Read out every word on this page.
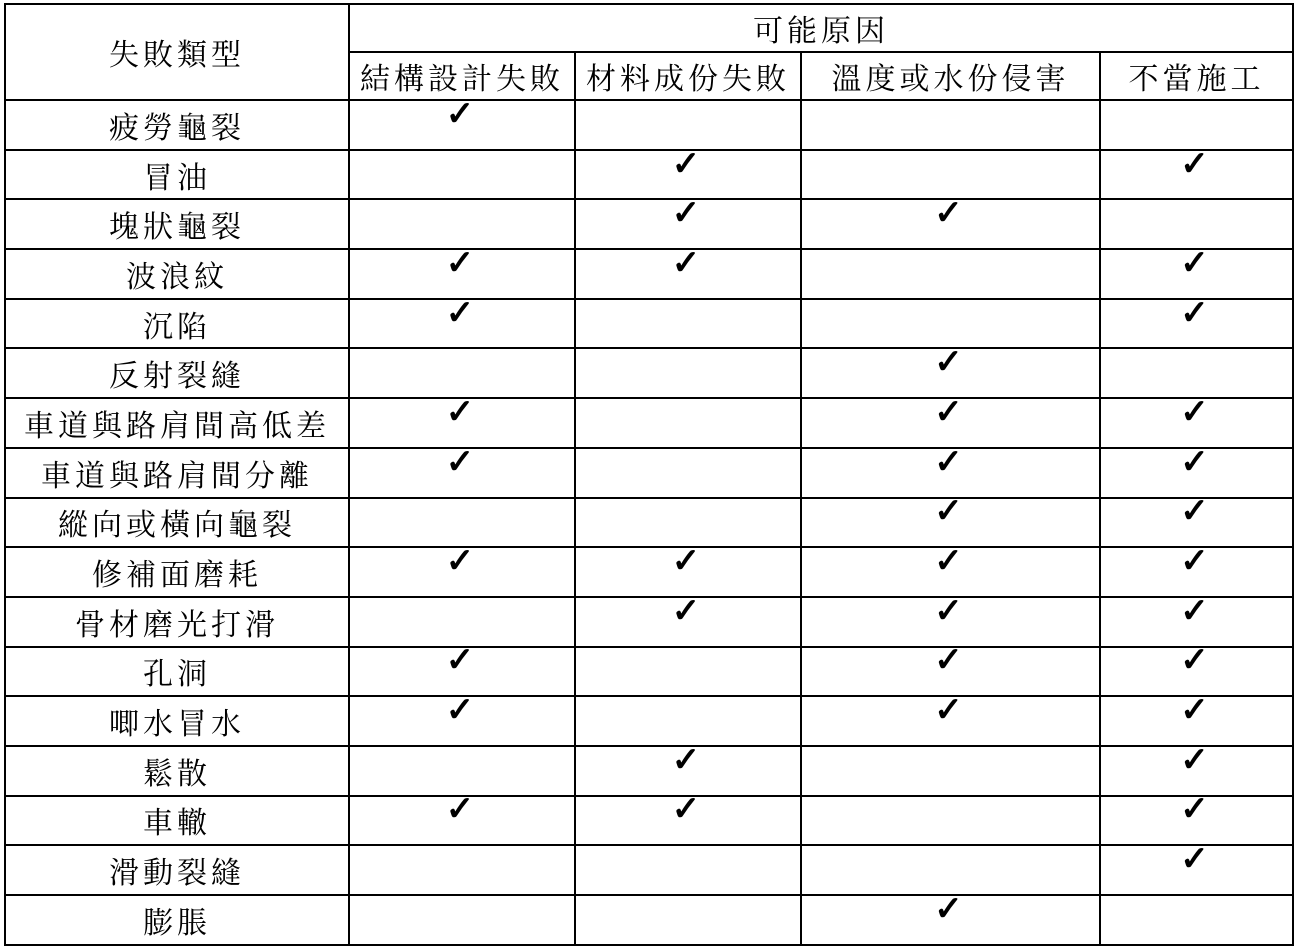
失敗類型	可能原因			
	結構設計失敗	材料成份失敗	溫度或水份侵害	不當施工
疲勞龜裂	✓			
冒油		✓		✓
塊狀龜裂		✓	✓	
波浪紋	✓	✓		✓
沉陷	✓			✓
反射裂縫			✓	
車道與路肩間高低差	✓		✓	✓
車道與路肩間分離	✓		✓	✓
縱向或橫向龜裂			✓	✓
修補面磨耗	✓	✓	✓	✓
骨材磨光打滑		✓	✓	✓
孔洞	✓		✓	✓
唧水冒水	✓		✓	✓
鬆散		✓		✓
車轍	✓	✓		✓
滑動裂縫				✓
膨脹			✓	
